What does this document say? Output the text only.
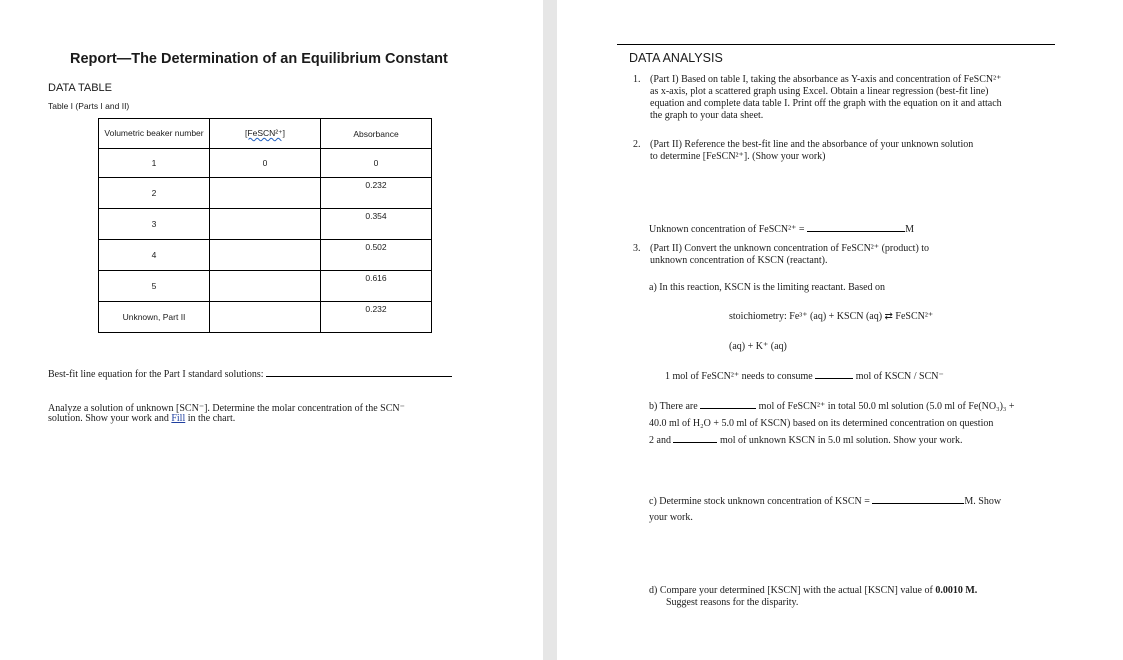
Report—The Determination of an Equilibrium Constant
DATA TABLE
Table I (Parts I and II)
Volumetric beaker number	[FeSCN²⁺]	Absorbance
1	0	0
2		0.232
3		0.354
4		0.502
5		0.616
Unknown, Part II		0.232
Best-fit line equation for the Part I standard solutions:
Analyze a solution of unknown [SCN⁻]. Determine the molar concentration of the SCN⁻
solution. Show your work and Fill in the chart.
DATA ANALYSIS
1. (Part I) Based on table I, taking the absorbance as Y-axis and concentration of FeSCN²⁺
as x-axis, plot a scattered graph using Excel. Obtain a linear regression (best-fit line)
equation and complete data table I. Print off the graph with the equation on it and attach
the graph to your data sheet.
2. (Part II) Reference the best-fit line and the absorbance of your unknown solution
to determine [FeSCN²⁺]. (Show your work)
Unknown concentration of FeSCN²⁺ =	M
3. (Part II) Convert the unknown concentration of FeSCN²⁺ (product) to
unknown concentration of KSCN (reactant).
a) In this reaction, KSCN is the limiting reactant. Based on
stoichiometry: Fe³⁺ (aq) + KSCN (aq) ⇄ FeSCN²⁺
(aq) + K⁺ (aq)
1 mol of FeSCN²⁺ needs to consume	mol of KSCN / SCN⁻
b) There are	mol of FeSCN²⁺ in total 50.0 ml solution (5.0 ml of Fe(NO₃)₃ +
40.0 ml of H₂O + 5.0 ml of KSCN) based on its determined concentration on question
2 and	mol of unknown KSCN in 5.0 ml solution. Show your work.
c) Determine stock unknown concentration of KSCN =	M. Show
your work.
d) Compare your determined [KSCN] with the actual [KSCN] value of 0.0010 M.
Suggest reasons for the disparity.
